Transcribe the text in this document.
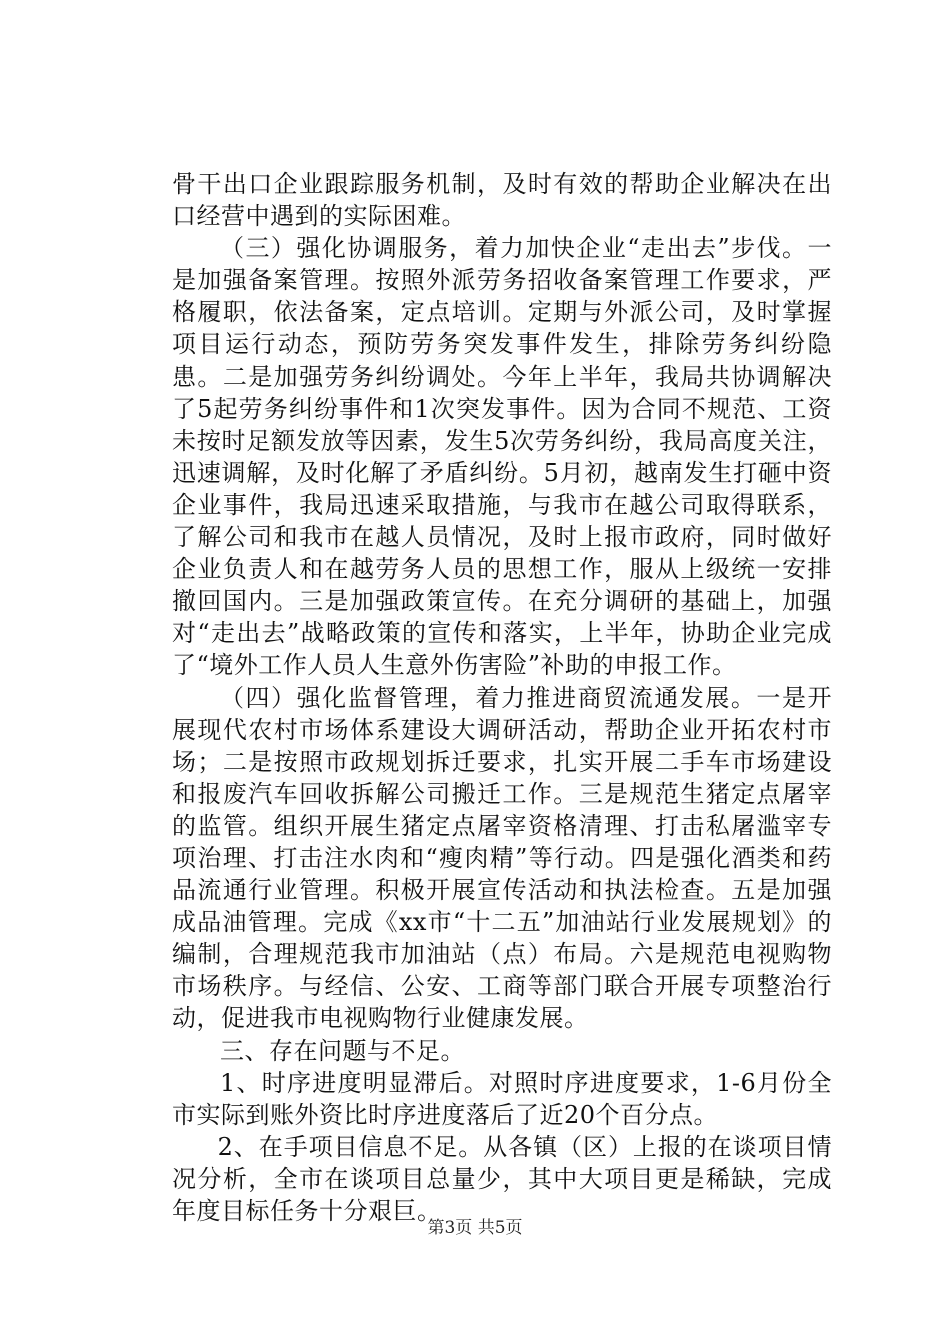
骨干出口企业跟踪服务机制，及时有效的帮助企业解决在出口经营中遇到的实际困难。

（三）强化协调服务，着力加快企业“走出去”步伐。一是加强备案管理。按照外派劳务招收备案管理工作要求，严格履职，依法备案，定点培训。定期与外派公司，及时掌握项目运行动态，预防劳务突发事件发生，排除劳务纠纷隐患。二是加强劳务纠纷调处。今年上半年，我局共协调解决了5起劳务纠纷事件和1次突发事件。因为合同不规范、工资未按时足额发放等因素，发生5次劳务纠纷，我局高度关注，迅速调解，及时化解了矛盾纠纷。5月初，越南发生打砸中资企业事件，我局迅速采取措施，与我市在越公司取得联系，了解公司和我市在越人员情况，及时上报市政府，同时做好企业负责人和在越劳务人员的思想工作，服从上级统一安排撤回国内。三是加强政策宣传。在充分调研的基础上，加强对“走出去”战略政策的宣传和落实，上半年，协助企业完成了“境外工作人员人生意外伤害险”补助的申报工作。

（四）强化监督管理，着力推进商贸流通发展。一是开展现代农村市场体系建设大调研活动，帮助企业开拓农村市场；二是按照市政规划拆迁要求，扎实开展二手车市场建设和报废汽车回收拆解公司搬迁工作。三是规范生猪定点屠宰的监管。组织开展生猪定点屠宰资格清理、打击私屠滥宰专项治理、打击注水肉和“瘦肉精”等行动。四是强化酒类和药品流通行业管理。积极开展宣传活动和执法检查。五是加强成品油管理。完成《xx市“十二五”加油站行业发展规划》的编制，合理规范我市加油站（点）布局。六是规范电视购物市场秩序。与经信、公安、工商等部门联合开展专项整治行动，促进我市电视购物行业健康发展。

三、存在问题与不足。

1、时序进度明显滞后。对照时序进度要求，1-6月份全市实际到账外资比时序进度落后了近20个百分点。

2、在手项目信息不足。从各镇（区）上报的在谈项目情况分析，全市在谈项目总量少，其中大项目更是稀缺，完成年度目标任务十分艰巨。

第3页 共5页
